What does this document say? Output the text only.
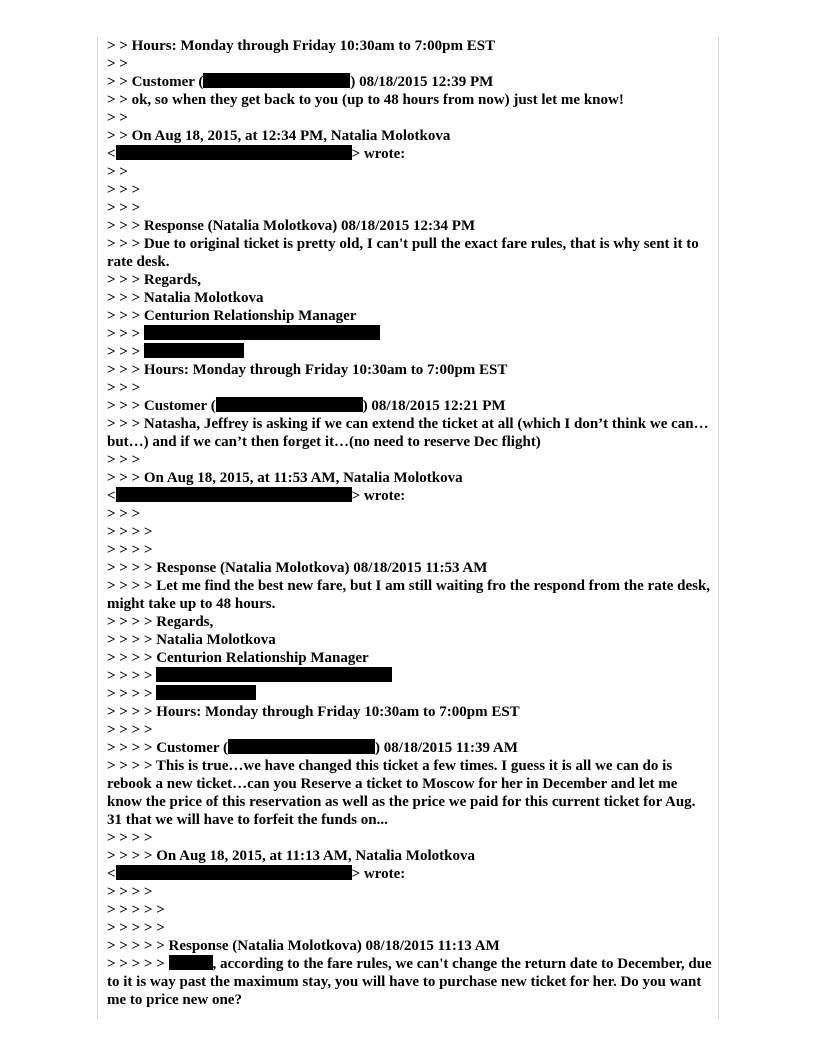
> > Hours: Monday through Friday 10:30am to 7:00pm EST
> >
> > Customer (	) 08/18/2015 12:39 PM
> > ok, so when they get back to you (up to 48 hours from now) just let me know!
> >
> > On Aug 18, 2015, at 12:34 PM, Natalia Molotkova
<	> wrote:
> >
> > >
> > >
> > > Response (Natalia Molotkova) 08/18/2015 12:34 PM
> > > Due to original ticket is pretty old, I can't pull the exact fare rules, that is why sent it to rate desk.
> > > Regards,
> > > Natalia Molotkova
> > > Centurion Relationship Manager
> > >
> > >
> > > Hours: Monday through Friday 10:30am to 7:00pm EST
> > >
> > > Customer (	) 08/18/2015 12:21 PM
> > > Natasha, Jeffrey is asking if we can extend the ticket at all (which I don’t think we can…but…) and if we can’t then forget it…(no need to reserve Dec flight)
> > >
> > > On Aug 18, 2015, at 11:53 AM, Natalia Molotkova
<	> wrote:
> > >
> > > >
> > > >
> > > > Response (Natalia Molotkova) 08/18/2015 11:53 AM
> > > > Let me find the best new fare, but I am still waiting fro the respond from the rate desk, might take up to 48 hours.
> > > > Regards,
> > > > Natalia Molotkova
> > > > Centurion Relationship Manager
> > > >
> > > >
> > > > Hours: Monday through Friday 10:30am to 7:00pm EST
> > > >
> > > > Customer (	) 08/18/2015 11:39 AM
> > > > This is true…we have changed this ticket a few times. I guess it is all we can do is rebook a new ticket…can you Reserve a ticket to Moscow for her in December and let me know the price of this reservation as well as the price we paid for this current ticket for Aug. 31 that we will have to forfeit the funds on...
> > > >
> > > > On Aug 18, 2015, at 11:13 AM, Natalia Molotkova
<	> wrote:
> > > >
> > > > >
> > > > >
> > > > > Response (Natalia Molotkova) 08/18/2015 11:13 AM
> > > > >	, according to the fare rules, we can't change the return date to December, due to it is way past the maximum stay, you will have to purchase new ticket for her. Do you want me to price new one?
